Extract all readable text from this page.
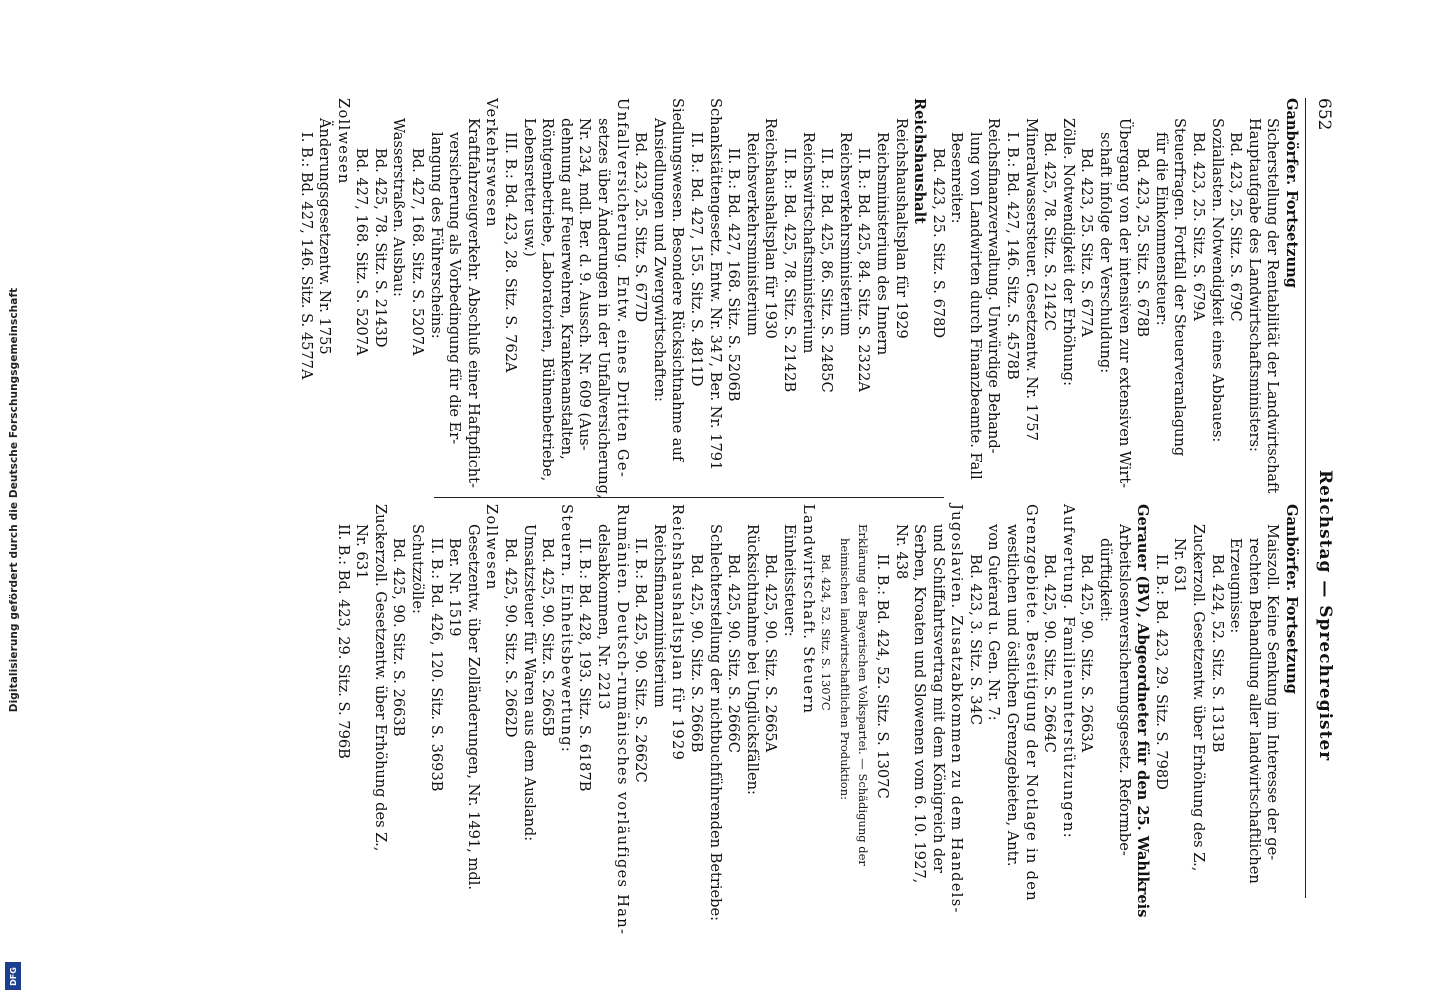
Digitalisierung gefördert durch die Deutsche Forschungsgemeinschaft
DFG
652
Reichstag — Sprechregister
Ganbörfer. Fortsetzung
Sicherstellung der Rentabilität der Landwirtschaft
Hauptaufgabe des Landwirtschaftsministers:
Bd. 423, 25. Sitz. S. 679C
Soziallasten. Notwendigkeit eines Abbaues:
Bd. 423, 25. Sitz. S. 679A
Steuerfragen. Fortfall der Steuerveranlagung
für die Einkommensteuer:
Bd. 423, 25. Sitz. S. 678B
Übergang von der intensiven zur extensiven Wirt-
schaft infolge der Verschuldung:
Bd. 423, 25. Sitz. S. 677A
Zölle. Notwendigkeit der Erhöhung:
Bd. 425, 78. Sitz. S. 2142C
Mineralwassersteuer. Gesetzentw. Nr. 1757
I. B.: Bd. 427, 146. Sitz. S. 4578B
Reichsfinanzverwaltung. Unwürdige Behand-
lung von Landwirten durch Finanzbeamte. Fall
Besenreiter:
Bd. 423, 25. Sitz. S. 678D
Reichshaushalt
Reichshaushaltsplan für 1929
Reichsministerium des Innern
II. B.: Bd. 425, 84. Sitz. S. 2322A
Reichsverkehrsministerium
II. B.: Bd. 425, 86. Sitz. S. 2485C
Reichswirtschaftsministerium
II. B.: Bd. 425, 78. Sitz. S. 2142B
Reichshaushaltsplan für 1930
Reichsverkehrsministerium
II. B.: Bd. 427, 168. Sitz. S. 5206B
Schankstättengesetz. Entw. Nr. 347, Ber. Nr. 1791
II. B.: Bd. 427, 155. Sitz. S. 4811D
Siedlungswesen. Besondere Rücksichtnahme auf
Ansiedlungen und Zwergwirtschaften:
Bd. 423, 25. Sitz. S. 677D
Unfallversicherung. Entw. eines Dritten Ge-
setzes über Änderungen in der Unfallversicherung,
Nr. 234, mdl. Ber. d. 9. Aussch. Nr. 609 (Aus-
dehnung auf Feuerwehren, Krankenanstalten,
Röntgenbetriebe, Laboratorien, Bühnenbetriebe,
Lebensretter usw.)
III. B.: Bd. 423, 28. Sitz. S. 762A
Verkehrswesen
Kraftfahrzeugverkehr. Abschluß einer Haftpflicht-
versicherung als Vorbedingung für die Er-
langung des Führerscheins:
Bd. 427, 168. Sitz. S. 5207A
Wasserstraßen. Ausbau:
Bd. 425, 78. Sitz. S. 2143D
Bd. 427, 168. Sitz. S. 5207A
Zollwesen
Änderungsgesetzentw. Nr. 1755
I. B.: Bd. 427, 146. Sitz. S. 4577A
Ganbörfer. Fortsetzung
Maiszoll. Keine Senkung im Interesse der ge-
rechten Behandlung aller landwirtschaftlichen
Erzeugnisse:
Bd. 424, 52. Sitz. S. 1313B
Zuckerzoll. Gesetzentw. über Erhöhung des Z.,
Nr. 631
II. B.: Bd. 423, 29. Sitz. S. 798D
Gerauer (BV), Abgeordneter für den 25. Wahlkreis
Arbeitslosenversicherungsgesetz. Reformbe-
dürftigkeit:
Bd. 425, 90. Sitz. S. 2663A
Aufwertung. Familienunterstützungen:
Bd. 425, 90. Sitz. S. 2664C
Grenzgebiete. Beseitigung der Notlage in den
westlichen und östlichen Grenzgebieten, Antr.
von Guérard u. Gen. Nr. 7:
Bd. 423, 3. Sitz. S. 34C
Jugoslavien. Zusatzabkommen zu dem Handels-
und Schiffahrtsvertrag mit dem Königreich der
Serben, Kroaten und Slowenen vom 6. 10. 1927,
Nr. 438
II. B.: Bd. 424, 52. Sitz. S. 1307C
Erklärung der Bayerischen Volkspartei. — Schädigung der
heimischen landwirtschaftlichen Produktion:
Bd. 424, 52. Sitz. S. 1307C
Landwirtschaft. Steuern
Einheitssteuer:
Bd. 425, 90. Sitz. S. 2665A
Rücksichtnahme bei Unglücksfällen:
Bd. 425, 90. Sitz. S. 2666C
Schlechterstellung der nichtbuchführenden Betriebe:
Bd. 425, 90. Sitz. S. 2666B
Reichshaushaltsplan für 1929
Reichsfinanzministerium
II. B.: Bd. 425, 90. Sitz. S. 2662C
Rumänien. Deutsch-rumänisches vorläufiges Han-
delsabkommen, Nr. 2213
II. B.: Bd. 428, 193. Sitz. S. 6187B
Steuern. Einheitsbewertung:
Bd. 425, 90. Sitz. S. 2665B
Umsatzsteuer für Waren aus dem Ausland:
Bd. 425, 90. Sitz. S. 2662D
Zollwesen
Gesetzentw. über Zolländerungen, Nr. 1491, mdl.
Ber. Nr. 1519
II. B.: Bd. 426, 120. Sitz. S. 3693B
Schutzzölle:
Bd. 425, 90. Sitz. S. 2663B
Zuckerzoll. Gesetzentw. über Erhöhung des Z.,
Nr. 631
II. B.: Bd. 423, 29. Sitz. S. 796B
